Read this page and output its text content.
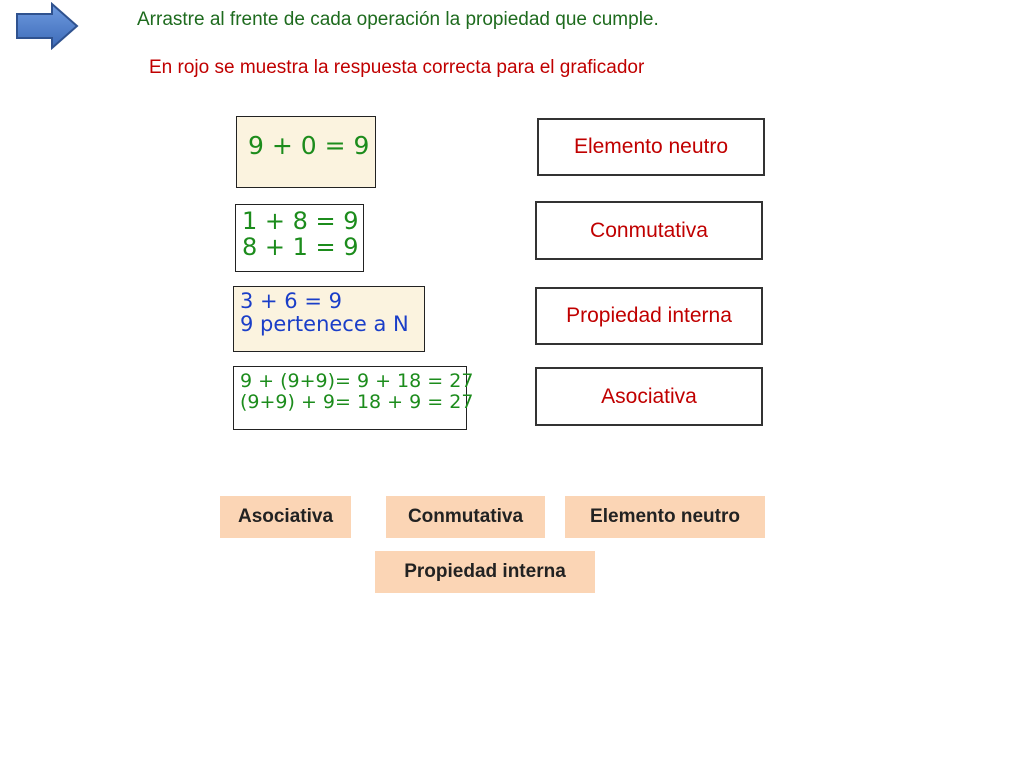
Arrastre al frente de cada operación la propiedad que cumple.
En rojo se muestra la respuesta correcta para el graficador
9 + 0 = 9
1 + 8 = 9
8 + 1 = 9
3 + 6 = 9
9 pertenece a N
9 + (9+9)= 9 + 18 = 27
(9+9) + 9= 18 + 9 = 27
Elemento neutro
Conmutativa
Propiedad interna
Asociativa
Asociativa	Conmutativa	Elemento neutro
Propiedad interna
